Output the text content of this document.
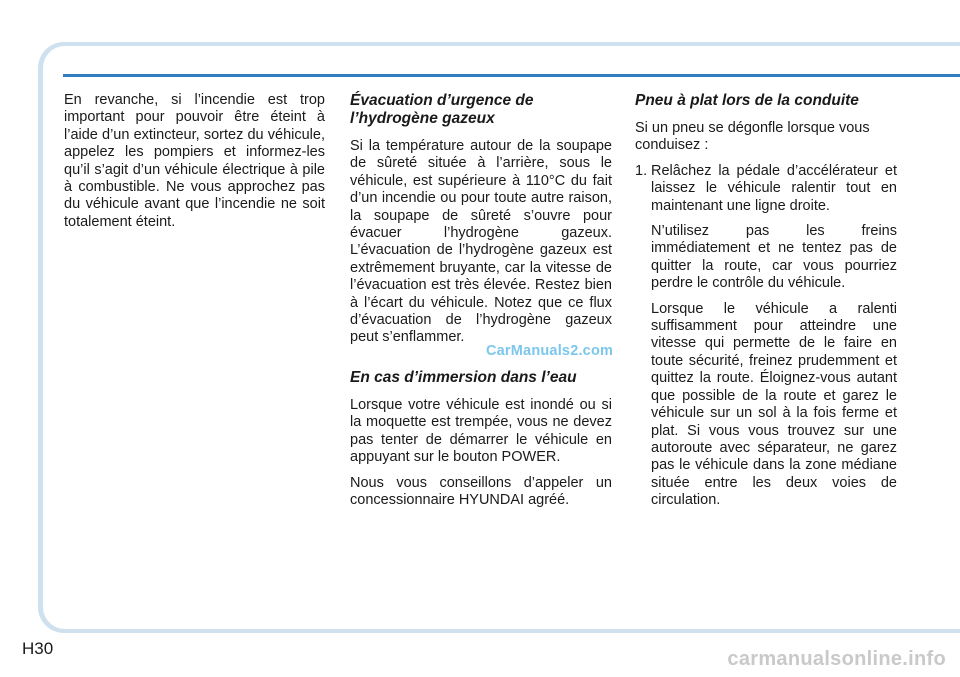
En revanche, si l’incendie est trop important pour pouvoir être éteint à l’aide d’un extincteur, sortez du véhicule, appelez les pompiers et informez-les qu’il s’agit d’un véhicule électrique à pile à combustible. Ne vous approchez pas du véhicule avant que l’incendie ne soit totalement éteint.

Évacuation d’urgence de l’hydrogène gazeux

Si la température autour de la soupape de sûreté située à l’arrière, sous le véhicule, est supérieure à 110°C du fait d’un incendie ou pour toute autre raison, la soupape de sûreté s’ouvre pour évacuer l’hydrogène gazeux. L’évacuation de l’hydrogène gazeux est extrêmement bruyante, car la vitesse de l’évacuation est très élevée. Restez bien à l’écart du véhicule. Notez que ce flux d’évacuation de l’hydrogène gazeux peut s’enflammer.

En cas d’immersion dans l’eau

Lorsque votre véhicule est inondé ou si la moquette est trempée, vous ne devez pas tenter de démarrer le véhicule en appuyant sur le bouton POWER.

Nous vous conseillons d’appeler un concessionnaire HYUNDAI agréé.

Pneu à plat lors de la conduite

Si un pneu se dégonfle lorsque vous conduisez :

1. Relâchez la pédale d’accélérateur et laissez le véhicule ralentir tout en maintenant une ligne droite.

N’utilisez pas les freins immédiatement et ne tentez pas de quitter la route, car vous pourriez perdre le contrôle du véhicule.

Lorsque le véhicule a ralenti suffisamment pour atteindre une vitesse qui permette de le faire en toute sécurité, freinez prudemment et quittez la route. Éloignez-vous autant que possible de la route et garez le véhicule sur un sol à la fois ferme et plat. Si vous vous trouvez sur une autoroute avec séparateur, ne garez pas le véhicule dans la zone médiane située entre les deux voies de circulation.

H30
CarManuals2.com
carmanualsonline.info
